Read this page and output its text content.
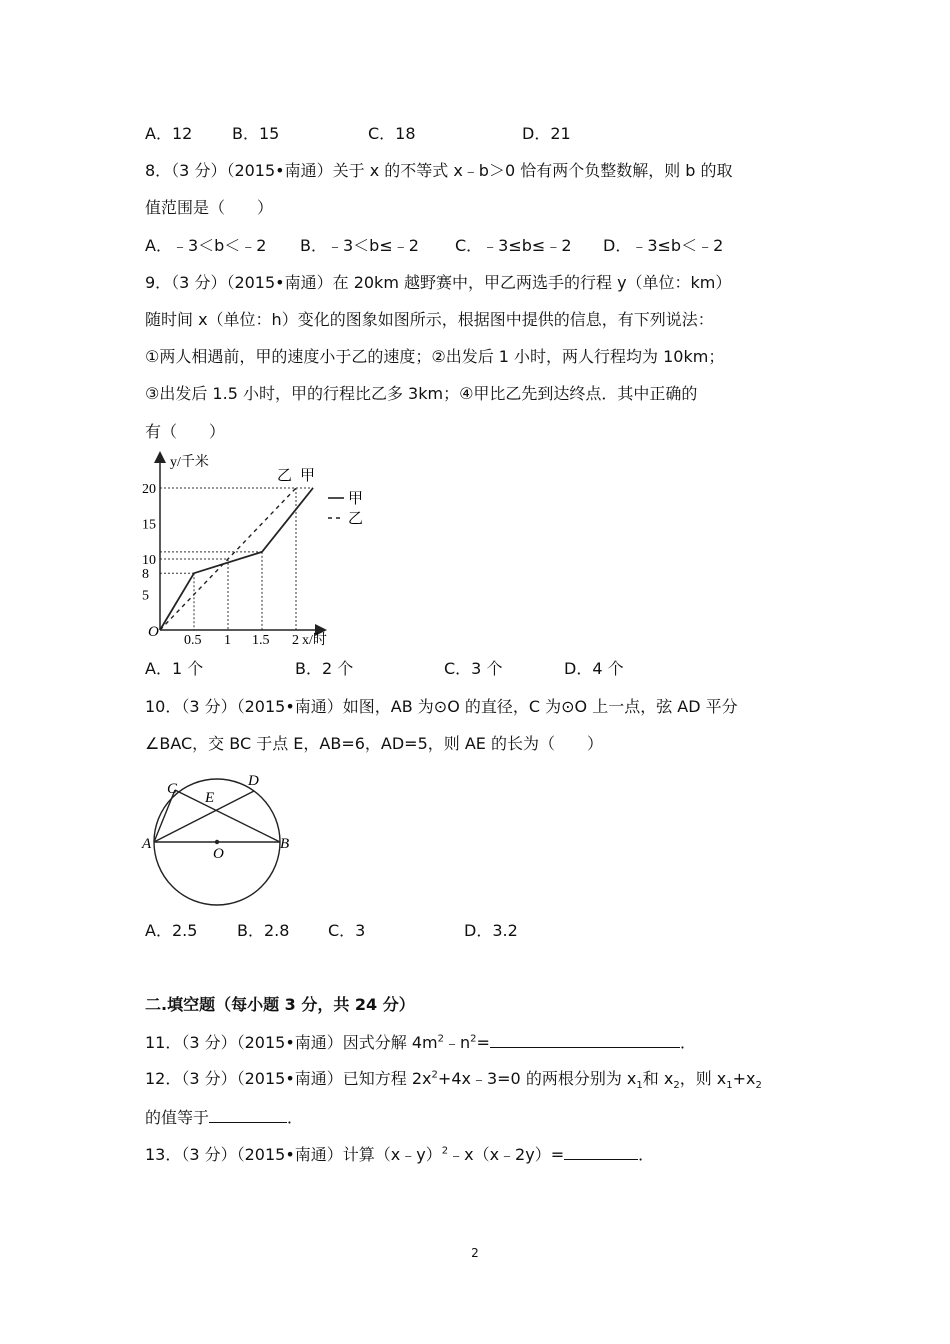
A．12 B．15	C．18	D．21
8．（3 分）（2015•南通）关于 x 的不等式 x﹣b＞0 恰有两个负整数解，则 b 的取
值范围是（　　）
A．﹣3＜b＜﹣2 B．﹣3＜b≤﹣2 C．﹣3≤b≤﹣2 D．﹣3≤b＜﹣2
9．（3 分）（2015•南通）在 20km 越野赛中，甲乙两选手的行程 y（单位：km）
随时间 x（单位：h）变化的图象如图所示，根据图中提供的信息，有下列说法：
①两人相遇前，甲的速度小于乙的速度；②出发后 1 小时，两人行程均为 10km；
③出发后 1.5 小时，甲的行程比乙多 3km；④甲比乙先到达终点．其中正确的
有（　　）
5
8
10
15
20
0.5 1 1.5 2
O
y/千米
x/时
乙 甲
甲
乙
A．1 个	B．2 个	C．3 个	D．4 个
10．（3 分）（2015•南通）如图，AB 为⊙O 的直径，C 为⊙O 上一点，弦 AD 平分
∠BAC，交 BC 于点 E，AB=6，AD=5，则 AE 的长为（　　）
A	B
C	D
E
O
A．2.5 B．2.8 C．3	D．3.2
二.填空题（每小题 3 分，共 24 分）
11．（3 分）（2015•南通）因式分解 $4m^2﹣n^2=$	．
12．（3 分）（2015•南通）已知方程 $2x^2+4x﹣3=0$ 的两根分别为 $x_1$和 $x_2$，则 $x_1+x_2$
的值等于	．
13．（3 分）（2015•南通）计算（x﹣y）$^2$﹣x（x﹣2y）=	．
2
